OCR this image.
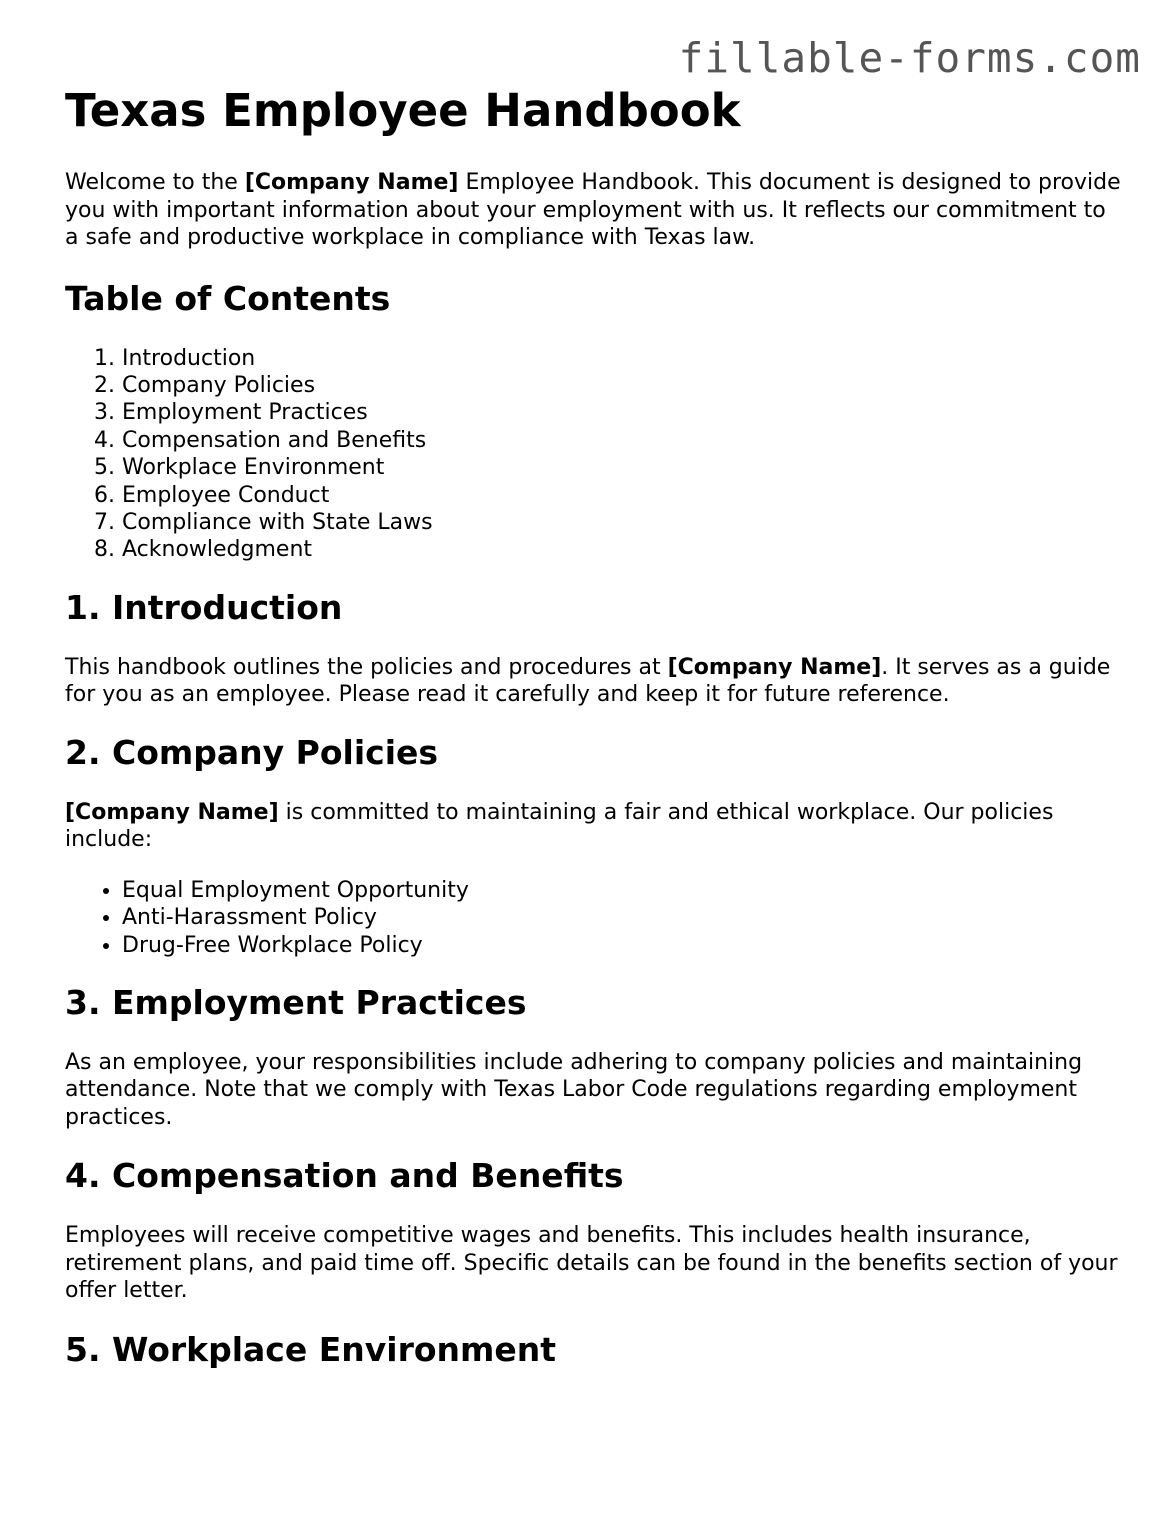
fillable-forms.com
Texas Employee Handbook

Welcome to the [Company Name] Employee Handbook. This document is designed to provide you with important information about your employment with us. It reflects our commitment to a safe and productive workplace in compliance with Texas law.

Table of Contents
1. Introduction
2. Company Policies
3. Employment Practices
4. Compensation and Benefits
5. Workplace Environment
6. Employee Conduct
7. Compliance with State Laws
8. Acknowledgment
1. Introduction

This handbook outlines the policies and procedures at [Company Name]. It serves as a guide for you as an employee. Please read it carefully and keep it for future reference.

2. Company Policies

[Company Name] is committed to maintaining a fair and ethical workplace. Our policies include:

• Equal Employment Opportunity
• Anti-Harassment Policy
• Drug-Free Workplace Policy
3. Employment Practices

As an employee, your responsibilities include adhering to company policies and maintaining attendance. Note that we comply with Texas Labor Code regulations regarding employment practices.

4. Compensation and Benefits

Employees will receive competitive wages and benefits. This includes health insurance, retirement plans, and paid time off. Specific details can be found in the benefits section of your offer letter.

5. Workplace Environment
